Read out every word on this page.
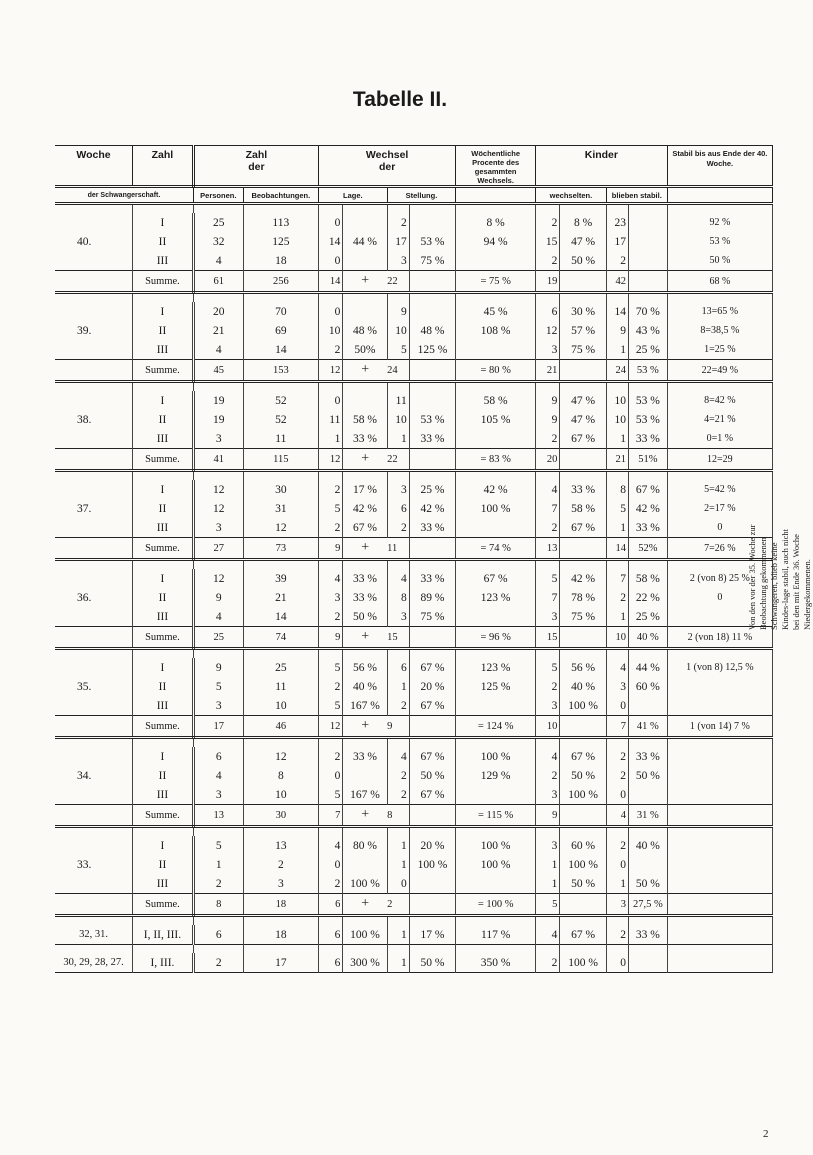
Tabelle II.
Woche	Zahl	Zahl
der		Wechsel
der				Wöchentliche Procente des gesammten Wechsels.	Kinder				Stabil bis aus Ende der 40. Woche.
der Schwangerschaft.		Personen.	Beobachtungen.	Lage.		Stellung.			wechselten.		blieben stabil.		

	I	25	113	0		2		8 %	2	8 %	23		92 %
40.	II	32	125	14	44 %	17	53 %	94 %	15	47 %	17		53 %
	III	4	18	0		3	75 %		2	50 %	2		50 %
	Summe.	61	256	14	+	22		= 75 %	19		42		68 %

	I	20	70	0		9		45 %	6	30 %	14	70 %	13=65 %
39.	II	21	69	10	48 %	10	48 %	108 %	12	57 %	9	43 %	8=38,5 %
	III	4	14	2	50%	5	125 %		3	75 %	1	25 %	1=25 %
	Summe.	45	153	12	+	24		= 80 %	21		24	53 %	22=49 %

	I	19	52	0		11		58 %	9	47 %	10	53 %	8=42 %
38.	II	19	52	11	58 %	10	53 %	105 %	9	47 %	10	53 %	4=21 %
	III	3	11	1	33 %	1	33 %		2	67 %	1	33 %	0=1 %
	Summe.	41	115	12	+	22		= 83 %	20		21	51%	12=29

	I	12	30	2	17 %	3	25 %	42 %	4	33 %	8	67 %	5=42 %
37.	II	12	31	5	42 %	6	42 %	100 %	7	58 %	5	42 %	2=17 %
	III	3	12	2	67 %	2	33 %		2	67 %	1	33 %	0
	Summe.	27	73	9	+	11		= 74 %	13		14	52%	7=26 %

	I	12	39	4	33 %	4	33 %	67 %	5	42 %	7	58 %	2 (von 8) 25 %
36.	II	9	21	3	33 %	8	89 %	123 %	7	78 %	2	22 %	0
	III	4	14	2	50 %	3	75 %		3	75 %	1	25 %	
	Summe.	25	74	9	+	15		= 96 %	15		10	40 %	2 (von 18) 11 %

	I	9	25	5	56 %	6	67 %	123 %	5	56 %	4	44 %	1 (von 8) 12,5 %
35.	II	5	11	2	40 %	1	20 %	125 %	2	40 %	3	60 %	
	III	3	10	5	167 %	2	67 %		3	100 %	0		
	Summe.	17	46	12	+	9		= 124 %	10		7	41 %	1 (von 14) 7 %

	I	6	12	2	33 %	4	67 %	100 %	4	67 %	2	33 %	
34.	II	4	8	0		2	50 %	129 %	2	50 %	2	50 %	
	III	3	10	5	167 %	2	67 %		3	100 %	0		
	Summe.	13	30	7	+	8		= 115 %	9		4	31 %	

	I	5	13	4	80 %	1	20 %	100 %	3	60 %	2	40 %	
33.	II	1	2	0		1	100 %	100 %	1	100 %	0		
	III	2	3	2	100 %	0			1	50 %	1	50 %	
	Summe.	8	18	6	+	2		= 100 %	5		3	27,5 %	

32, 31.	I, II, III.	6	18	6	100 %	1	17 %	117 %	4	67 %	2	33 %	

30, 29, 28, 27.	I, III.	2	17	6	300 %	1	50 %	350 %	2	100 %	0		
Von den vor der 35. Woche zur Beobachtung gekommenen Schwangeren, blieb keine Kindes-lage stabil, auch nicht bei den mit Ende 36. Woche Niedergekommenen.
2
